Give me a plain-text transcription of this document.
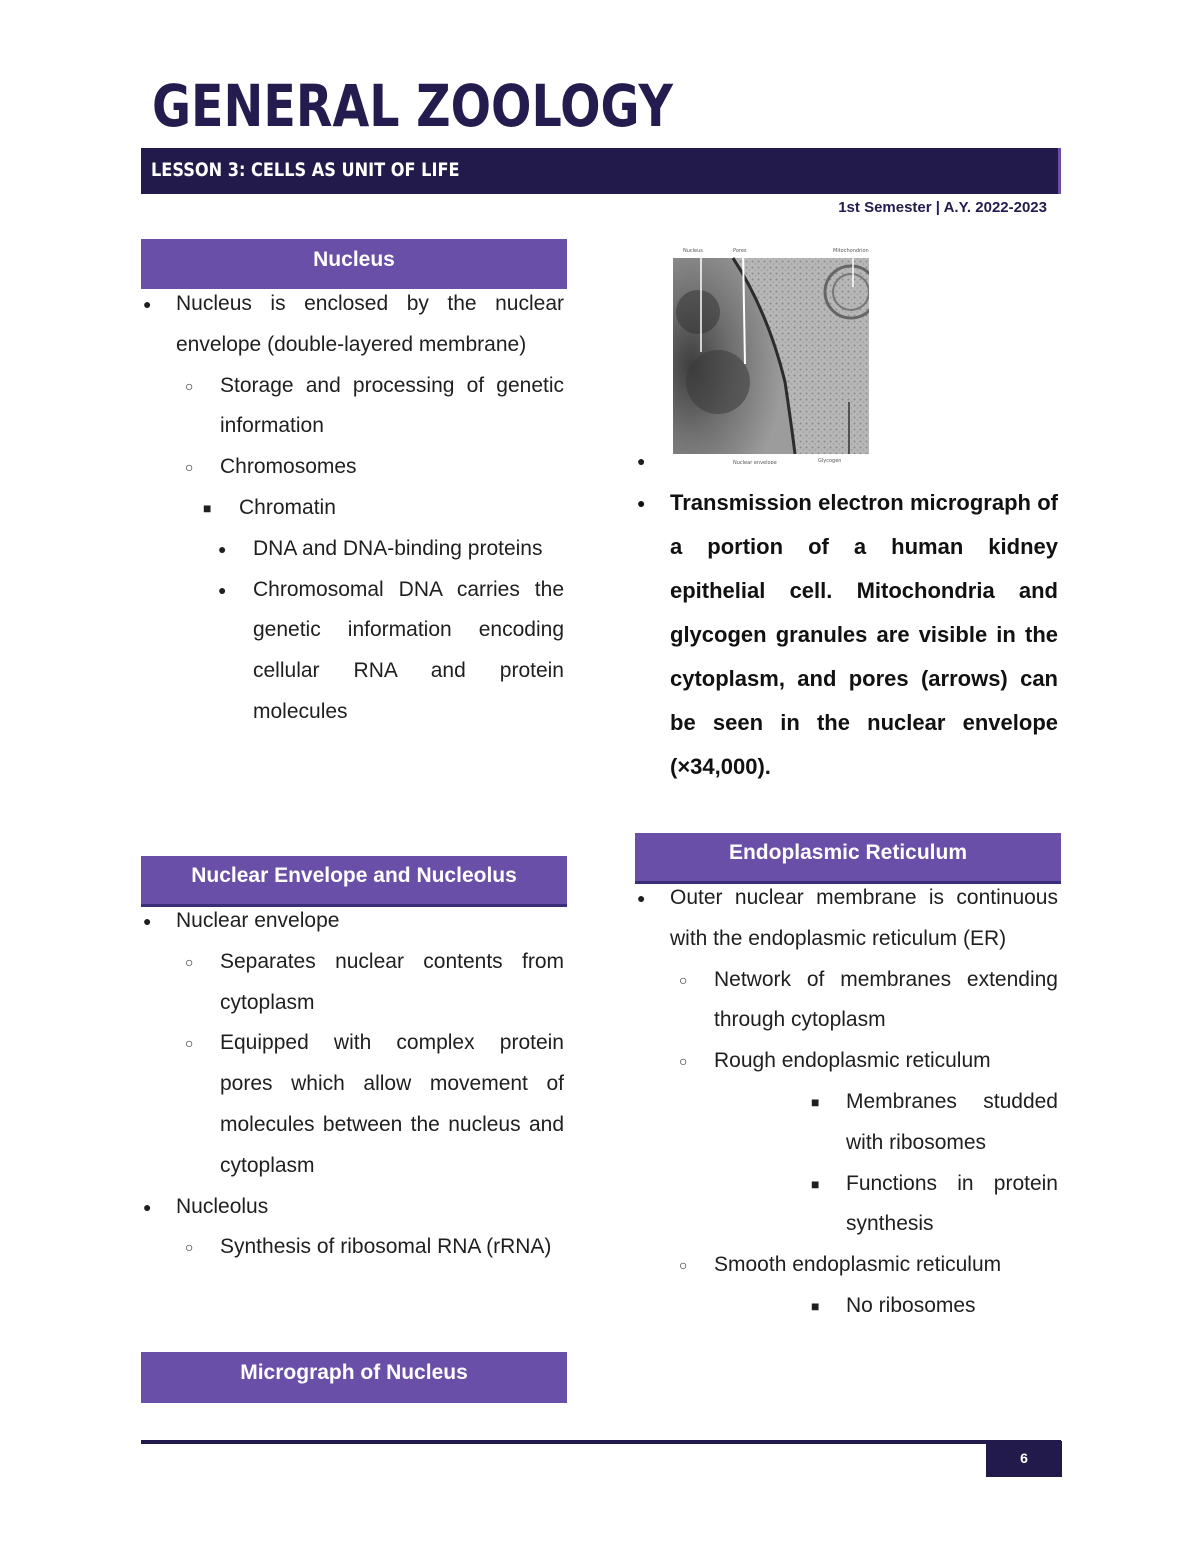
GENERAL ZOOLOGY
LESSON 3: CELLS AS UNIT OF LIFE
1st Semester | A.Y. 2022-2023
Nucleus
● Nucleus is enclosed by the nuclear envelope (double-layered membrane)
○ Storage and processing of genetic information
○ Chromosomes
■ Chromatin
● DNA and DNA-binding proteins
● Chromosomal DNA carries the genetic information encoding cellular RNA and protein molecules
Nuclear Envelope and Nucleolus
● Nuclear envelope
○ Separates nuclear contents from cytoplasm
○ Equipped with complex protein pores which allow movement of molecules between the nucleus and cytoplasm
● Nucleolus
○ Synthesis of ribosomal RNA (rRNA)
Micrograph of Nucleus
Nucleus	Pores	Mitochondrion
Nuclear envelope	Glycogen
●

● Transmission electron micrograph of a portion of a human kidney epithelial cell. Mitochondria and glycogen granules are visible in the cytoplasm, and pores (arrows) can be seen in the nuclear envelope (×34,000).
Endoplasmic Reticulum
● Outer nuclear membrane is continuous with the endoplasmic reticulum (ER)
○ Network of membranes extending through cytoplasm
○ Rough endoplasmic reticulum
■ Membranes studded with ribosomes
■ Functions in protein synthesis
○ Smooth endoplasmic reticulum
■ No ribosomes
6
